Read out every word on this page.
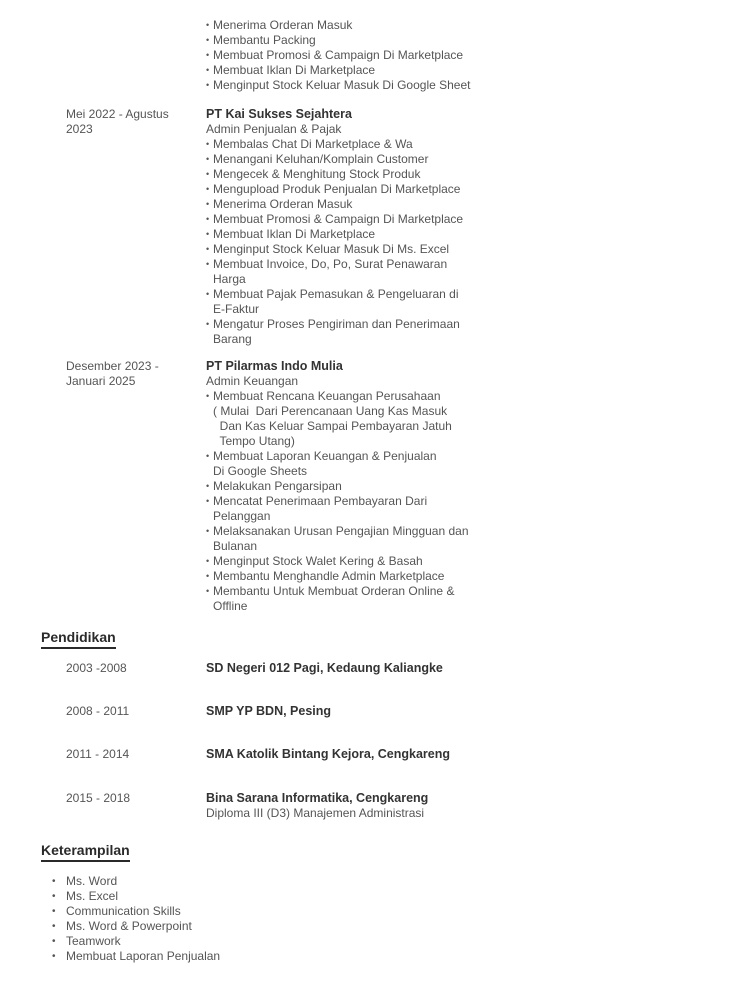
• Menerima Orderan Masuk
• Membantu Packing
• Membuat Promosi & Campaign Di Marketplace
• Membuat Iklan Di Marketplace
• Menginput Stock Keluar Masuk Di Google Sheet
Mei 2022 - Agustus
2023
PT Kai Sukses Sejahtera
Admin Penjualan & Pajak
• Membalas Chat Di Marketplace & Wa
• Menangani Keluhan/Komplain Customer
• Mengecek & Menghitung Stock Produk
• Mengupload Produk Penjualan Di Marketplace
• Menerima Orderan Masuk
• Membuat Promosi & Campaign Di Marketplace
• Membuat Iklan Di Marketplace
• Menginput Stock Keluar Masuk Di Ms. Excel
• Membuat Invoice, Do, Po, Surat Penawaran
Harga
• Membuat Pajak Pemasukan & Pengeluaran di
E-Faktur
• Mengatur Proses Pengiriman dan Penerimaan
Barang
Desember 2023 -
Januari 2025
PT Pilarmas Indo Mulia
Admin Keuangan
• Membuat Rencana Keuangan Perusahaan
( Mulai  Dari Perencanaan Uang Kas Masuk
Dan Kas Keluar Sampai Pembayaran Jatuh
Tempo Utang)
• Membuat Laporan Keuangan & Penjualan
Di Google Sheets
• Melakukan Pengarsipan
• Mencatat Penerimaan Pembayaran Dari
Pelanggan
• Melaksanakan Urusan Pengajian Mingguan dan
Bulanan
• Menginput Stock Walet Kering & Basah
• Membantu Menghandle Admin Marketplace
• Membantu Untuk Membuat Orderan Online &
Offline
Pendidikan
2003 -2008	SD Negeri 012 Pagi, Kedaung Kaliangke
2008 - 2011	SMP YP BDN, Pesing
2011 - 2014	SMA Katolik Bintang Kejora, Cengkareng
2015 - 2018	Bina Sarana Informatika, Cengkareng
Diploma III (D3) Manajemen Administrasi
Keterampilan
• Ms. Word
• Ms. Excel
• Communication Skills
• Ms. Word & Powerpoint
• Teamwork
• Membuat Laporan Penjualan
